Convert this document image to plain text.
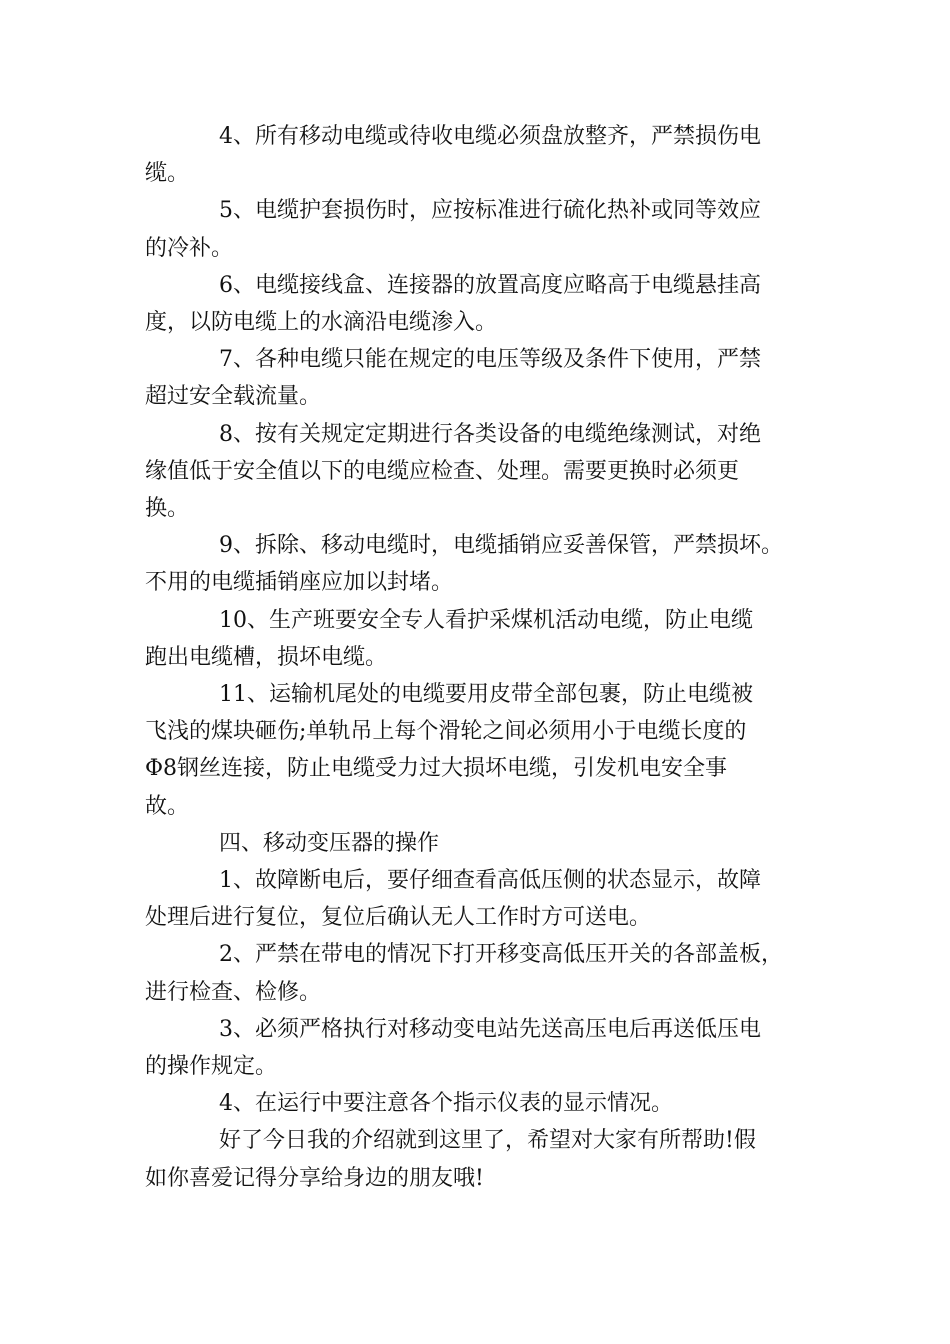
4、所有移动电缆或待收电缆必须盘放整齐，严禁损伤电
缆。

5、电缆护套损伤时，应按标准进行硫化热补或同等效应
的冷补。

6、电缆接线盒、连接器的放置高度应略高于电缆悬挂高
度，以防电缆上的水滴沿电缆渗入。

7、各种电缆只能在规定的电压等级及条件下使用，严禁
超过安全载流量。

8、按有关规定定期进行各类设备的电缆绝缘测试，对绝
缘值低于安全值以下的电缆应检查、处理。需要更换时必须更
换。

9、拆除、移动电缆时，电缆插销应妥善保管，严禁损坏。
不用的电缆插销座应加以封堵。

10、生产班要安全专人看护采煤机活动电缆，防止电缆
跑出电缆槽，损坏电缆。

11、运输机尾处的电缆要用皮带全部包裹，防止电缆被
飞浅的煤块砸伤;单轨吊上每个滑轮之间必须用小于电缆长度的
Φ8钢丝连接，防止电缆受力过大损坏电缆，引发机电安全事
故。

四、移动变压器的操作

1、故障断电后，要仔细查看高低压侧的状态显示，故障
处理后进行复位，复位后确认无人工作时方可送电。

2、严禁在带电的情况下打开移变高低压开关的各部盖板，
进行检查、检修。

3、必须严格执行对移动变电站先送高压电后再送低压电
的操作规定。

4、在运行中要注意各个指示仪表的显示情况。

好了今日我的介绍就到这里了，希望对大家有所帮助!假
如你喜爱记得分享给身边的朋友哦!
